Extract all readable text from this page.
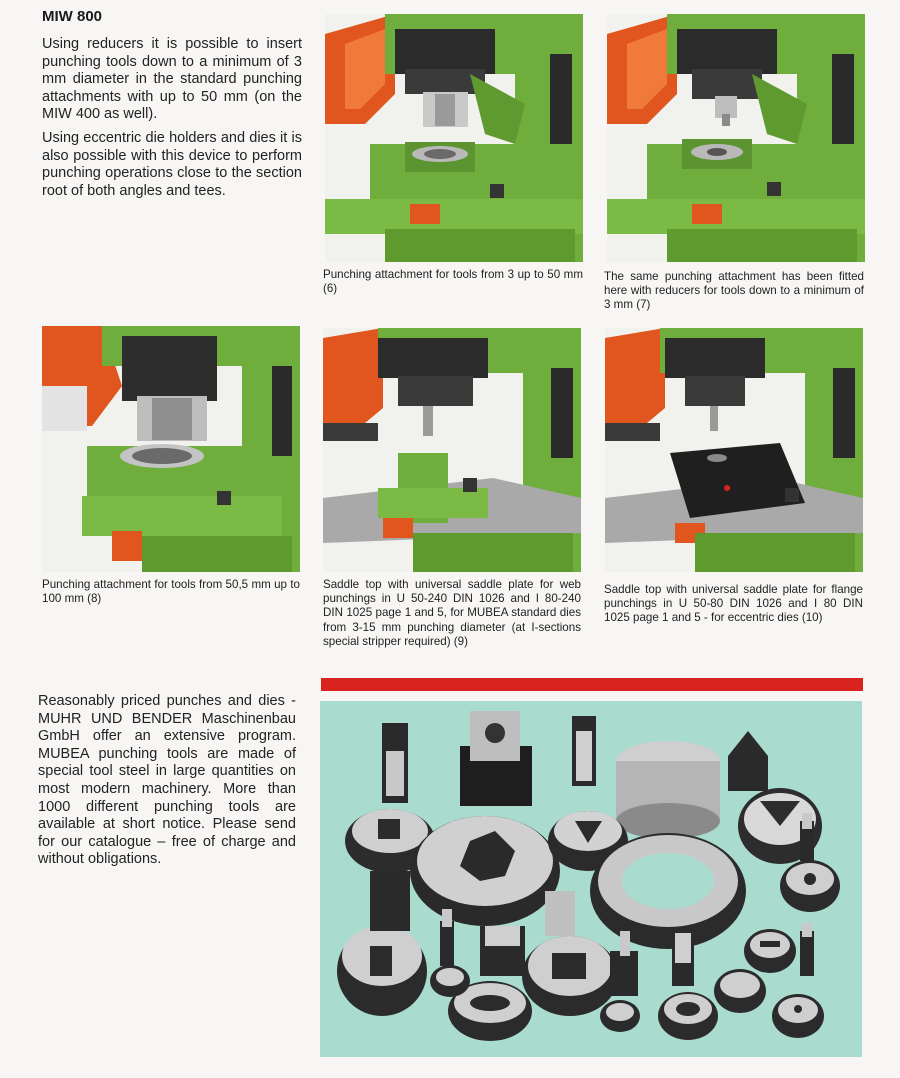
MIW 800

Using reducers it is possible to insert punching tools down to a minimum of 3 mm diameter in the standard punching attachments with up to 50 mm (on the MIW 400 as well).

Using eccentric die holders and dies it is also possible with this device to perform punching operations close to the section root of both angles and tees.

Punching attachment for tools from 3 up to 50 mm (6)

The same punching attachment has been fitted here with reducers for tools down to a minimum of 3 mm (7)

Punching attachment for tools from 50,5 mm up to 100 mm (8)

Saddle top with universal saddle plate for web punchings in U 50-240 DIN 1026 and I 80-240 DIN 1025 page 1 and 5, for MUBEA standard dies from 3-15 mm punching diameter (at I-sections special stripper required) (9)

Saddle top with universal saddle plate for flange punchings in U 50-80 DIN 1026 and I 80 DIN 1025 page 1 and 5 - for eccentric dies (10)

Reasonably priced punches and dies - MUHR UND BENDER Maschinenbau GmbH offer an extensive program. MUBEA punching tools are made of special tool steel in large quantities on most modern machinery. More than 1000 different punching tools are available at short notice. Please send for our catalogue – free of charge and without obligations.
